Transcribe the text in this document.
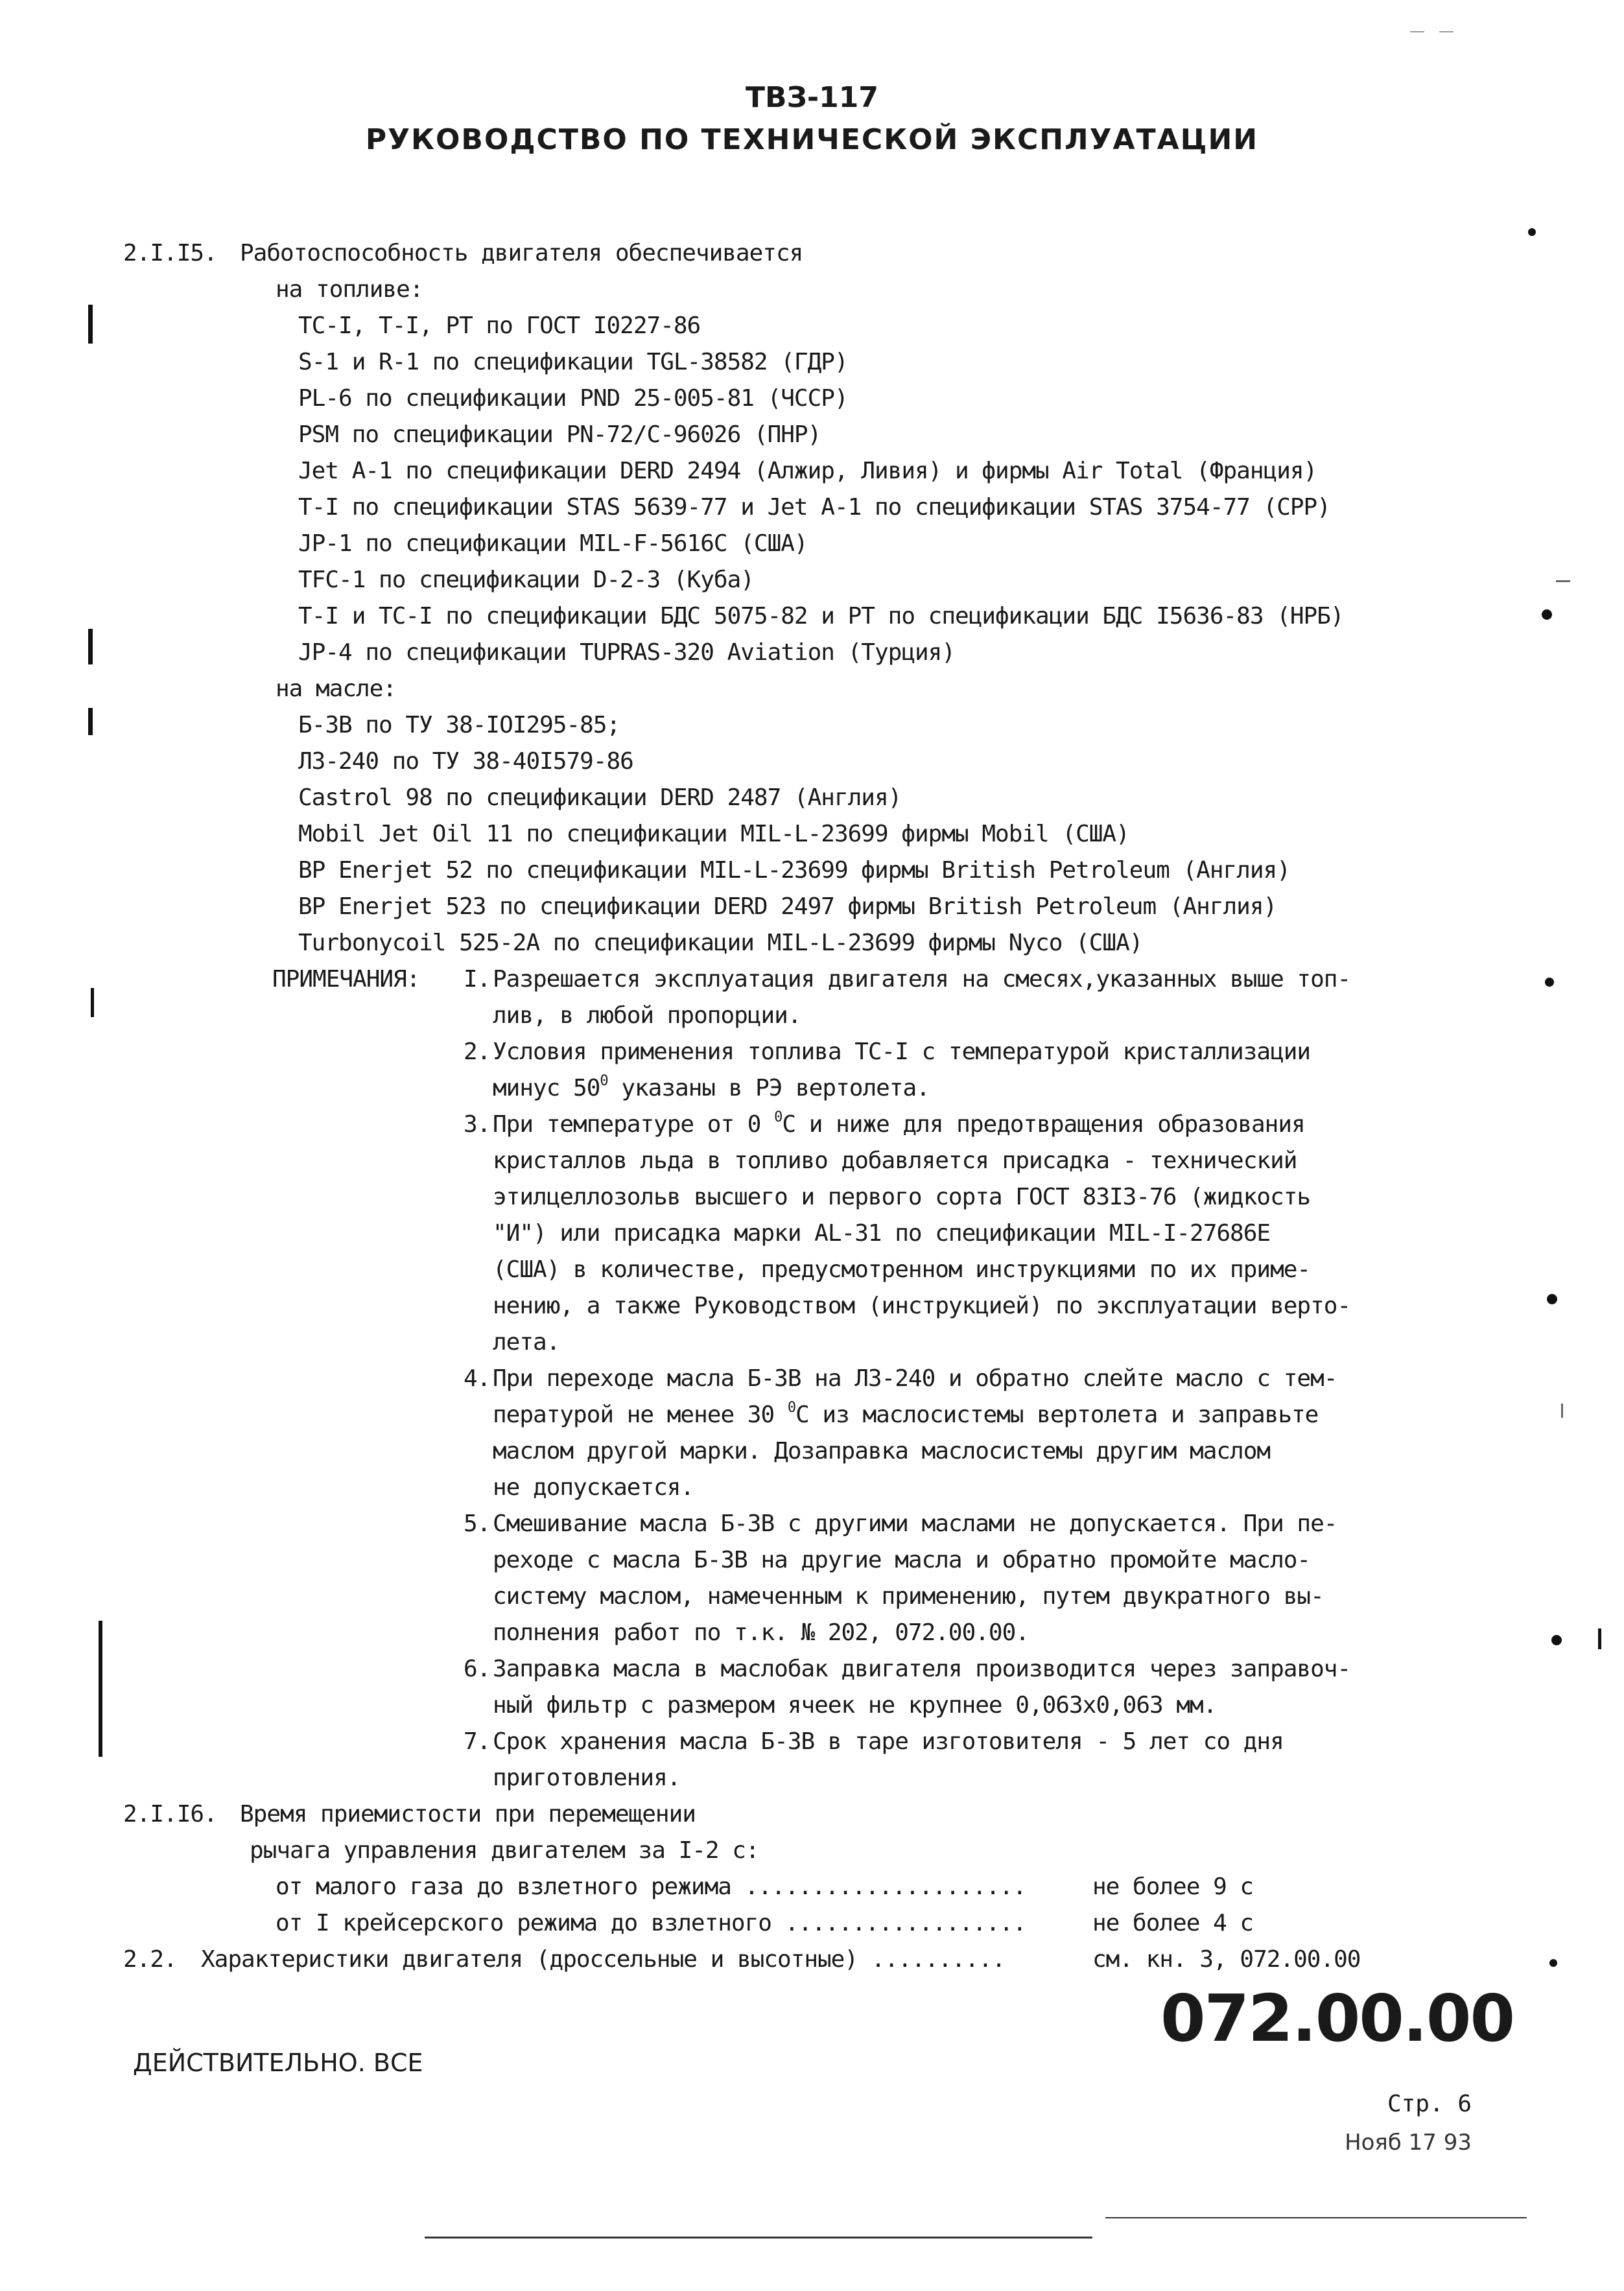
ТВЗ-117
РУКОВОДСТВО ПО ТЕХНИЧЕСКОЙ ЭКСПЛУАТАЦИИ
2.I.I5. Работоспособность двигателя обеспечивается
на топливе:
ТС-I, Т-I, РТ по ГОСТ I0227-86
S-1 и R-1 по спецификации TGL-38582 (ГДР)
PL-6 по спецификации PND 25-005-81 (ЧССР)
PSM по спецификации PN-72/C-96026 (ПНР)
Jet A-1 по спецификации DERD 2494 (Алжир, Ливия) и фирмы Air Total (Франция)
Т-I по спецификации STAS 5639-77 и Jet A-1 по спецификации STAS 3754-77 (СРР)
JP-1 по спецификации MIL-F-5616C (США)
TFC-1 по спецификации D-2-3 (Куба)
Т-I и ТС-I по спецификации БДС 5075-82 и РТ по спецификации БДС I5636-83 (НРБ)
JP-4 по спецификации TUPRAS-320 Aviation (Турция)
на масле:
Б-3В по ТУ 38-IOI295-85;
ЛЗ-240 по ТУ 38-40I579-86
Castrol 98 по спецификации DERD 2487 (Англия)
Mobil Jet Oil 11 по спецификации MIL-L-23699 фирмы Mobil (США)
BP Enerjet 52 по спецификации MIL-L-23699 фирмы British Petroleum (Англия)
BP Enerjet 523 по спецификации DERD 2497 фирмы British Petroleum (Англия)
Turbonycoil 525-2A по спецификации MIL-L-23699 фирмы Nyco (США)
ПРИМЕЧАНИЯ: I. Разрешается эксплуатация двигателя на смесях,указанных выше топ-
лив, в любой пропорции.
2. Условия применения топлива ТС-I с температурой кристаллизации
минус $50^0$ указаны в РЭ вертолета.
3. При температуре от 0 $^0$С и ниже для предотвращения образования
кристаллов льда в топливо добавляется присадка - технический
этилцеллозольв высшего и первого сорта ГОСТ 83I3-76 (жидкость
"И") или присадка марки AL-31 по спецификации MIL-I-27686E
(США) в количестве, предусмотренном инструкциями по их приме-
нению, а также Руководством (инструкцией) по эксплуатации верто-
лета.
4. При переходе масла Б-3В на ЛЗ-240 и обратно слейте масло с тем-
пературой не менее 30 $^0$С из маслосистемы вертолета и заправьте
маслом другой марки. Дозаправка маслосистемы другим маслом
не допускается.
5. Смешивание масла Б-3В с другими маслами не допускается. При пе-
реходе с масла Б-3В на другие масла и обратно промойте масло-
систему маслом, намеченным к применению, путем двукратного вы-
полнения работ по т.к. № 202, 072.00.00.
6. Заправка масла в маслобак двигателя производится через заправоч-
ный фильтр с размером ячеек не крупнее 0,063х0,063 мм.
7. Срок хранения масла Б-3В в таре изготовителя - 5 лет со дня
приготовления.
2.I.I6. Время приемистости при перемещении
рычага управления двигателем за I-2 с:
от малого газа до взлетного режима .....................	не более 9 с
от I крейсерского режима до взлетного ..................	не более 4 с
2.2. Характеристики двигателя (дроссельные и высотные) ..........	см. кн. 3, 072.00.00
ДЕЙСТВИТЕЛЬНО. ВСЕ
072.00.00
Стр. 6
Нояб 17 93
